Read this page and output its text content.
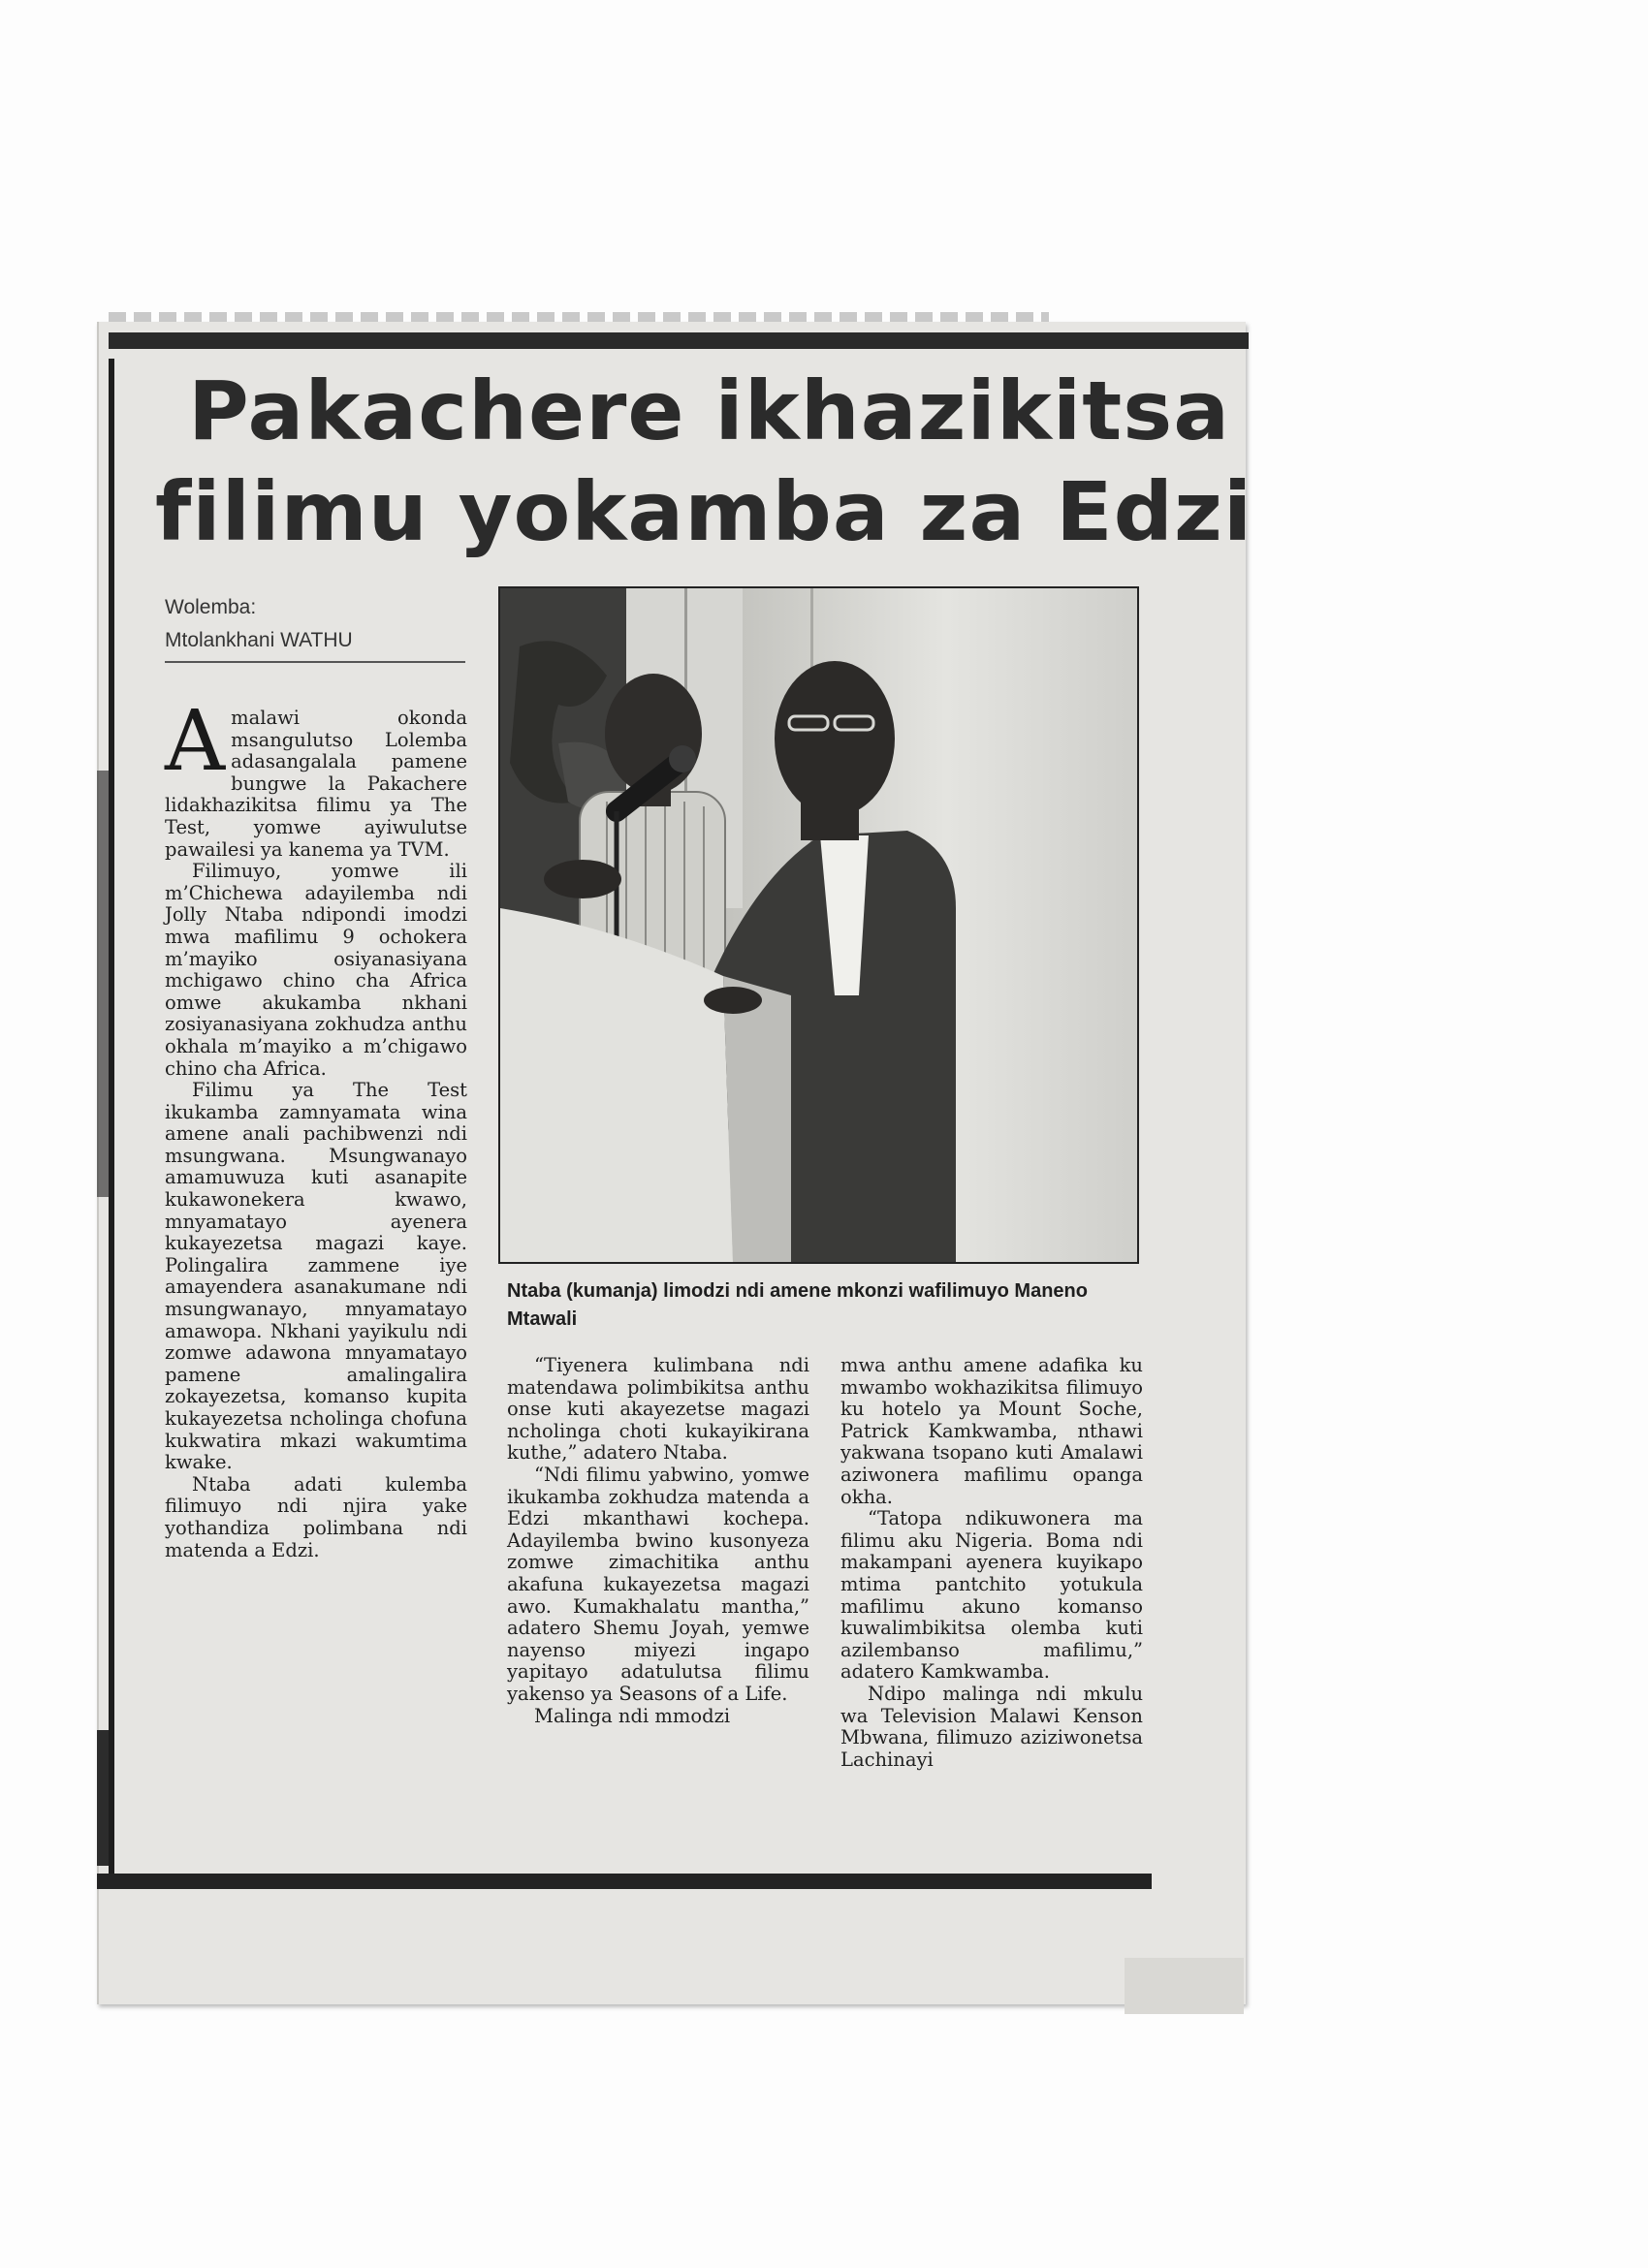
Pakachere ikhazikitsa
filimu yokamba za Edzi
Wolemba:
Mtolankhani WATHU
Ntaba (kumanja) limodzi ndi amene mkonzi wafilimuyo Maneno Mtawali

Amalawi okonda msangulutso Lolemba adasangalala pamene bungwe la Pakachere lidakhazikitsa filimu ya The Test, yomwe ayiwulutse pawailesi ya kanema ya TVM.

Filimuyo, yomwe ili m’Chichewa adayilemba ndi Jolly Ntaba ndipondi imodzi mwa mafilimu 9 ochokera m’mayiko osiyanasiyana mchigawo chino cha Africa omwe akukamba nkhani zosiyanasiyana zokhudza anthu okhala m’mayiko a m’chigawo chino cha Africa.

Filimu ya The Test ikukamba zamnyamata wina amene anali pachibwenzi ndi msungwana. Msungwanayo amamuwuza kuti asanapite kukawonekera kwawo, mnyamatayo ayenera kukayezetsa magazi kaye. Polingalira zammene iye amayendera asanakumane ndi msungwanayo, mnyamatayo amawopa. Nkhani yayikulu ndi zomwe adawona mnyamatayo pamene amalingalira zokayezetsa, komanso kupita kukayezetsa ncholinga chofuna kukwatira mkazi wakumtima kwake.

Ntaba adati kulemba filimuyo ndi njira yake yothandiza polimbana ndi matenda a Edzi.

“Tiyenera kulimbana ndi matendawa polimbikitsa anthu onse kuti akayezetse magazi ncholinga choti kukayikirana kuthe,” adatero Ntaba.

“Ndi filimu yabwino, yomwe ikukamba zokhudza matenda a Edzi mkanthawi kochepa. Adayilemba bwino kusonyeza zomwe zimachitika anthu akafuna kukayezetsa magazi awo. Kumakhalatu mantha,” adatero Shemu Joyah, yemwe nayenso miyezi ingapo yapitayo adatulutsa filimu yakenso ya Seasons of a Life.

Malinga ndi mmodzi

mwa anthu amene adafika ku mwambo wokhazikitsa filimuyo ku hotelo ya Mount Soche, Patrick Kamkwamba, nthawi yakwana tsopano kuti Amalawi aziwonera mafilimu opanga okha.

“Tatopa ndikuwonera ma filimu aku Nigeria. Boma ndi makampani ayenera kuyikapo mtima pantchito yotukula mafilimu akuno komanso kuwalimbikitsa olemba kuti azilembanso mafilimu,” adatero Kamkwamba.

Ndipo malinga ndi mkulu wa Television Malawi Kenson Mbwana, filimuzo aziziwonetsa Lachinayi
